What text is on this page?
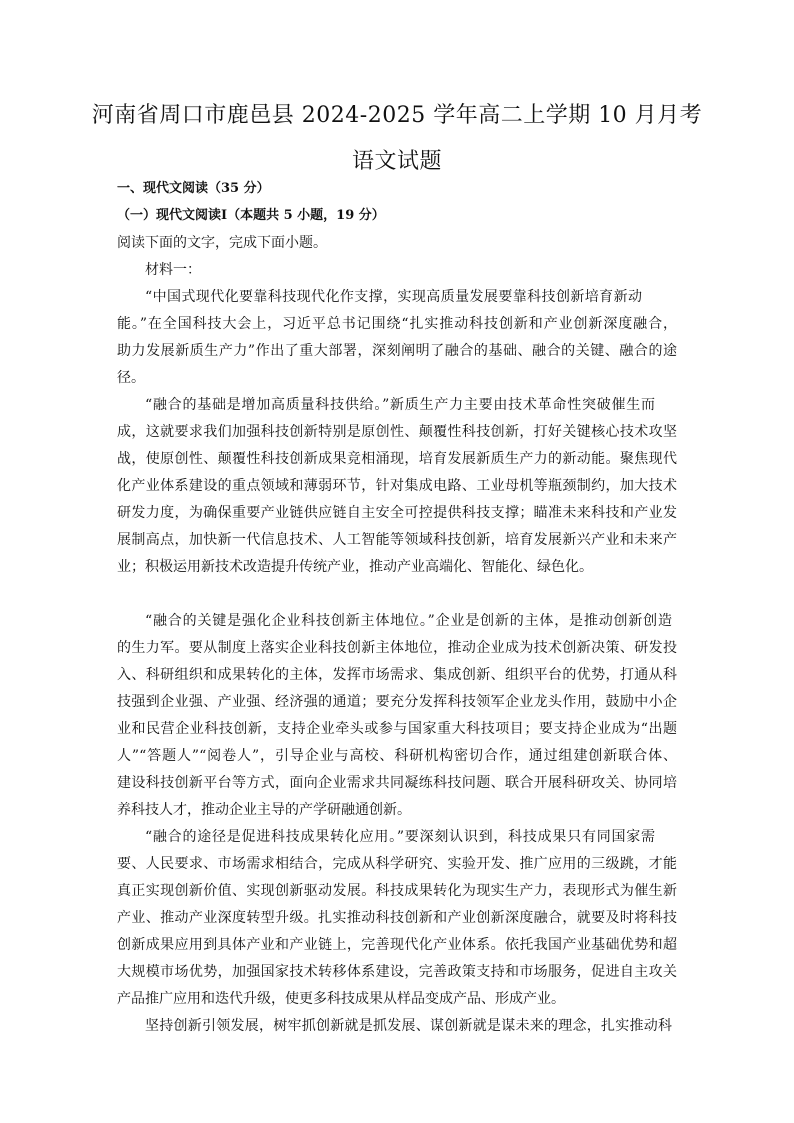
河南省周口市鹿邑县 2024-2025 学年高二上学期 10 月月考
语文试题
一、现代文阅读（35 分）
（一）现代文阅读Ⅰ（本题共 5 小题，19 分）
阅读下面的文字，完成下面小题。
材料一：
“中国式现代化要靠科技现代化作支撑，实现高质量发展要靠科技创新培育新动
能。”在全国科技大会上，习近平总书记围绕“扎实推动科技创新和产业创新深度融合，
助力发展新质生产力”作出了重大部署，深刻阐明了融合的基础、融合的关键、融合的途
径。
“融合的基础是增加高质量科技供给。”新质生产力主要由技术革命性突破催生而
成，这就要求我们加强科技创新特别是原创性、颠覆性科技创新，打好关键核心技术攻坚
战，使原创性、颠覆性科技创新成果竞相涌现，培育发展新质生产力的新动能。聚焦现代
化产业体系建设的重点领域和薄弱环节，针对集成电路、工业母机等瓶颈制约，加大技术
研发力度，为确保重要产业链供应链自主安全可控提供科技支撑；瞄准未来科技和产业发
展制高点，加快新一代信息技术、人工智能等领域科技创新，培育发展新兴产业和未来产
业；积极运用新技术改造提升传统产业，推动产业高端化、智能化、绿色化。
“融合的关键是强化企业科技创新主体地位。”企业是创新的主体，是推动创新创造
的生力军。要从制度上落实企业科技创新主体地位，推动企业成为技术创新决策、研发投
入、科研组织和成果转化的主体，发挥市场需求、集成创新、组织平台的优势，打通从科
技强到企业强、产业强、经济强的通道；要充分发挥科技领军企业龙头作用，鼓励中小企
业和民营企业科技创新，支持企业牵头或参与国家重大科技项目；要支持企业成为“出题
人”“答题人”“阅卷人”，引导企业与高校、科研机构密切合作，通过组建创新联合体、
建设科技创新平台等方式，面向企业需求共同凝练科技问题、联合开展科研攻关、协同培
养科技人才，推动企业主导的产学研融通创新。
“融合的途径是促进科技成果转化应用。”要深刻认识到，科技成果只有同国家需
要、人民要求、市场需求相结合，完成从科学研究、实验开发、推广应用的三级跳，才能
真正实现创新价值、实现创新驱动发展。科技成果转化为现实生产力，表现形式为催生新
产业、推动产业深度转型升级。扎实推动科技创新和产业创新深度融合，就要及时将科技
创新成果应用到具体产业和产业链上，完善现代化产业体系。依托我国产业基础优势和超
大规模市场优势，加强国家技术转移体系建设，完善政策支持和市场服务，促进自主攻关
产品推广应用和迭代升级，使更多科技成果从样品变成产品、形成产业。
坚持创新引领发展，树牢抓创新就是抓发展、谋创新就是谋未来的理念，扎实推动科
